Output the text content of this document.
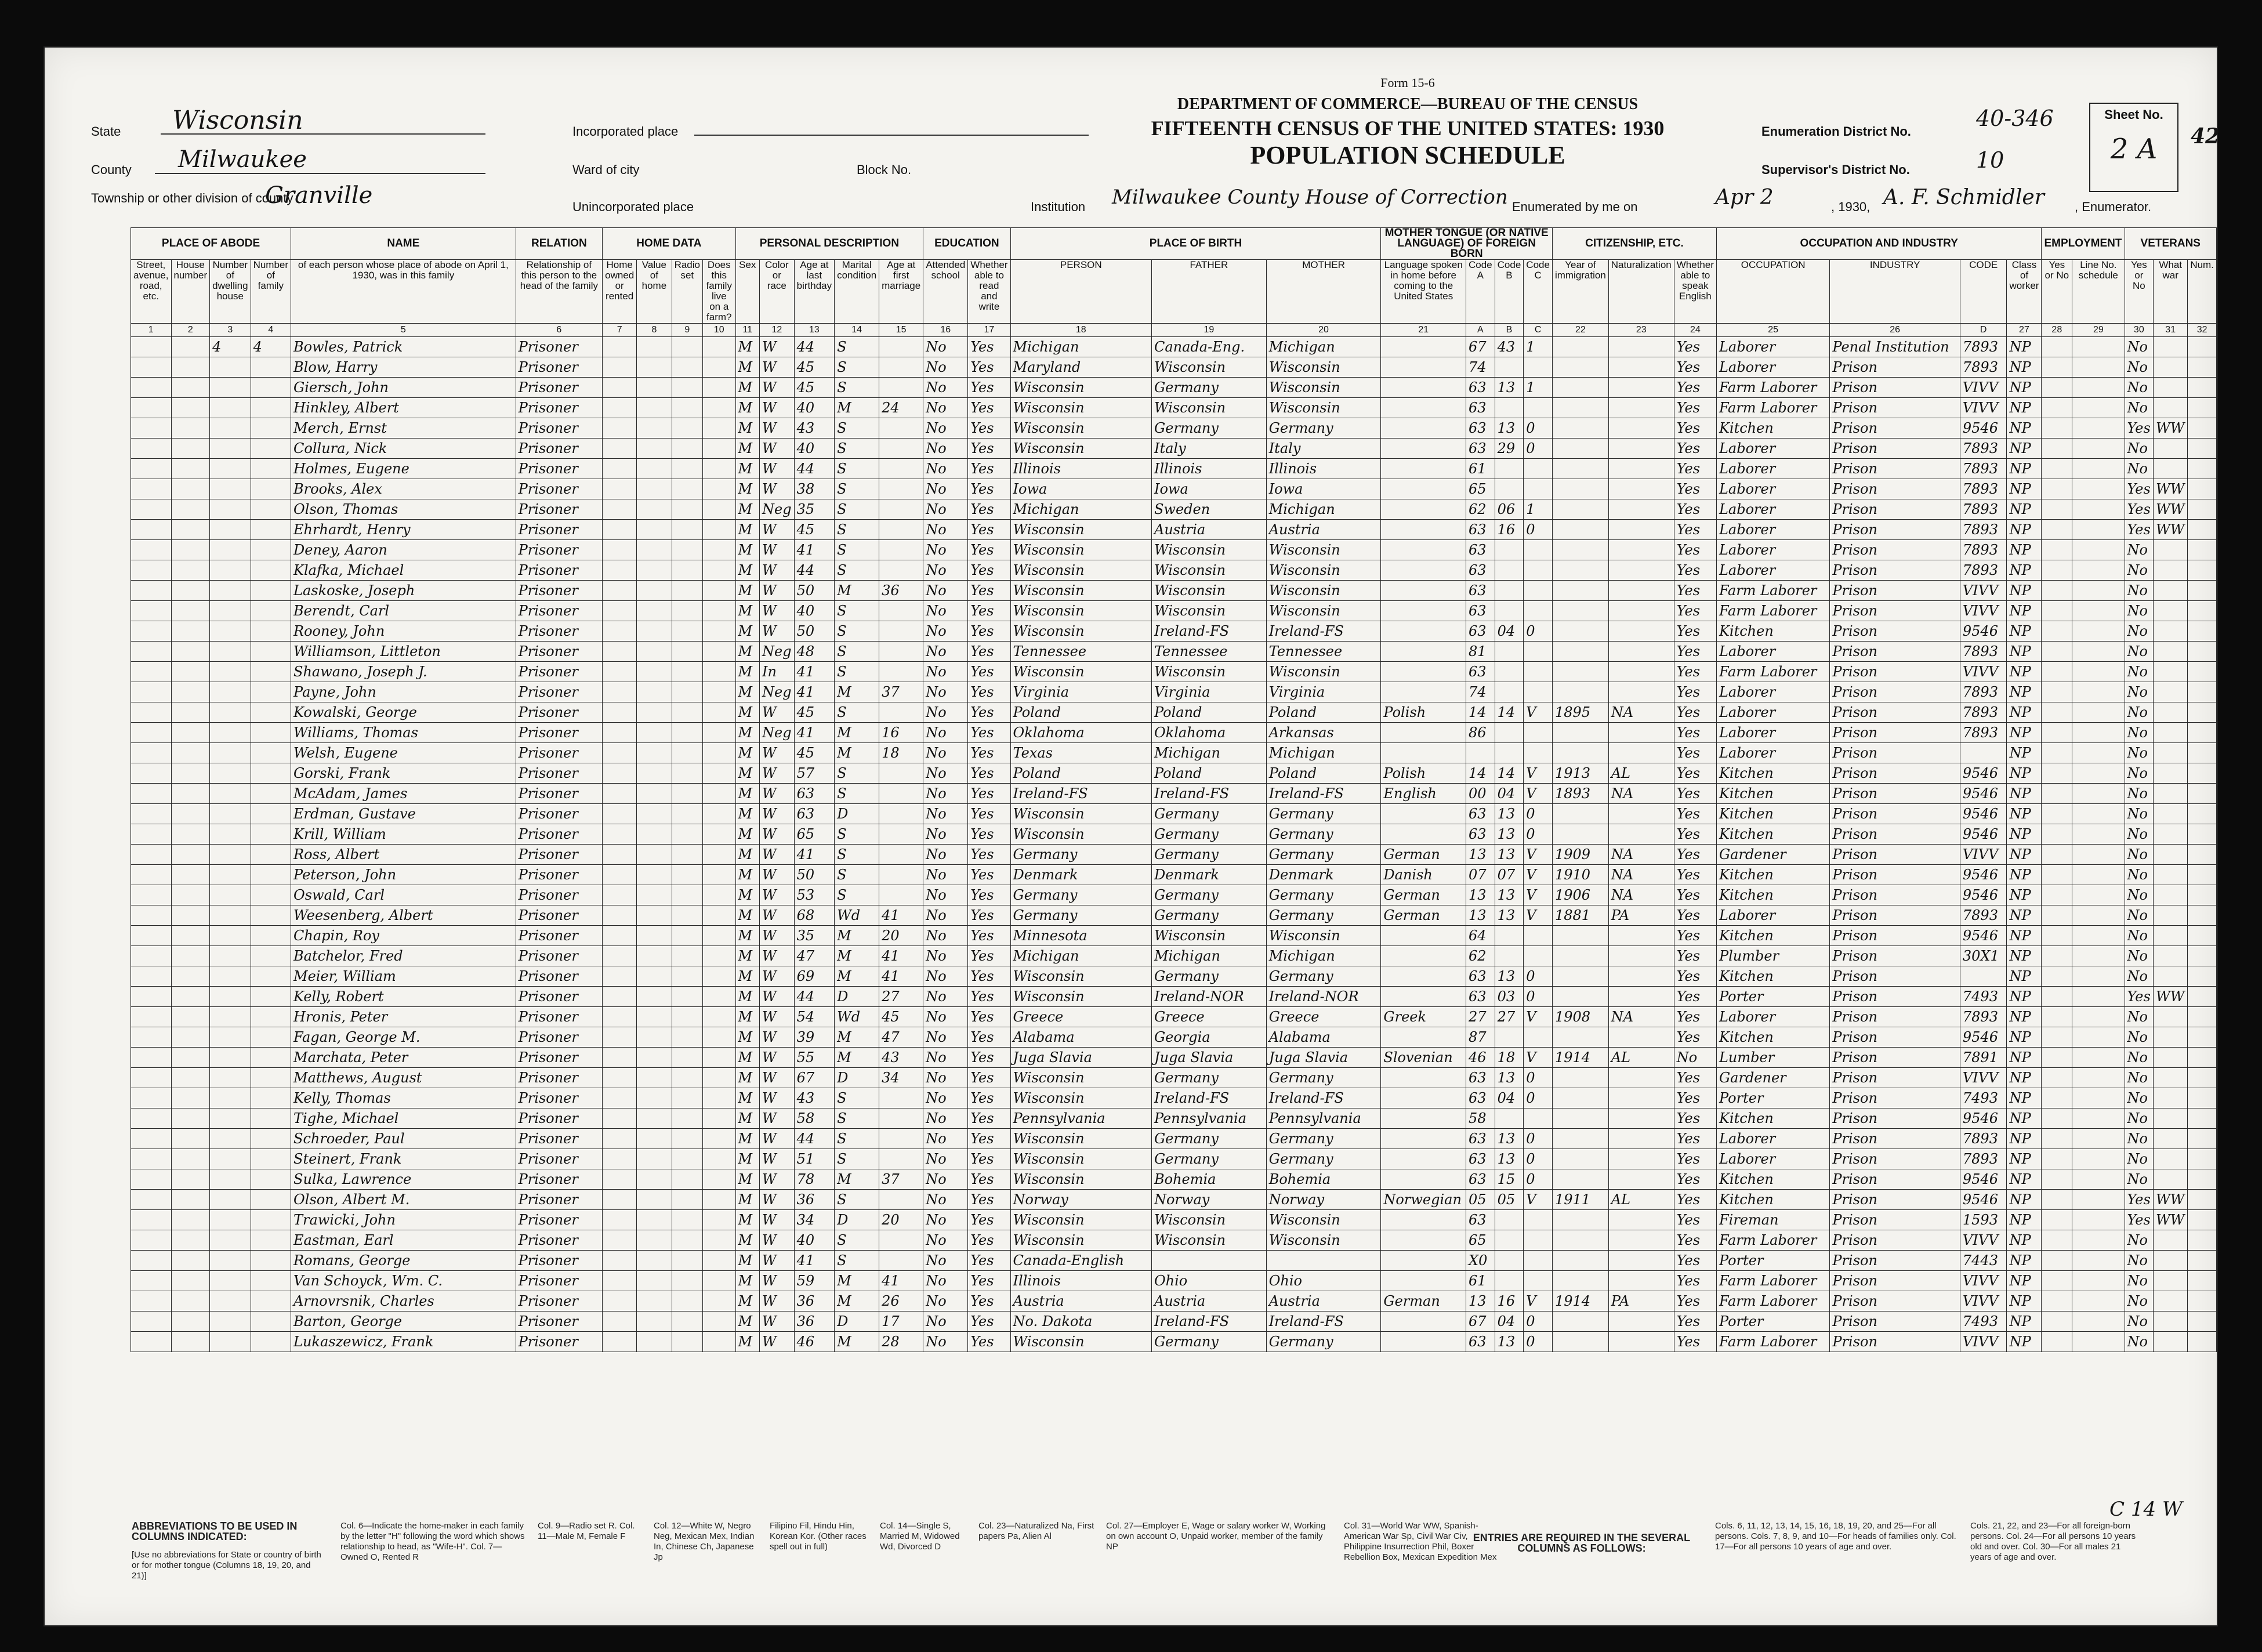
State Wisconsin
County Milwaukee
Township or other division of county
Granville
Incorporated place
Ward of city	Block No.
Unincorporated place
Form 15-6
DEPARTMENT OF COMMERCE—BUREAU OF THE CENSUS
FIFTEENTH CENSUS OF THE UNITED STATES: 1930
POPULATION SCHEDULE
Institution Milwaukee County House of Correction
Enumeration District No.
40-346
Supervisor's District No.	10
Enumerated by me on	Apr 2	, 1930, A. F. Schmidler , Enumerator.
Sheet No.
2 A	42
PLACE OF ABODE				NAME	RELATION	HOME DATA				PERSONAL DESCRIPTION					EDUCATION		PLACE OF BIRTH			MOTHER TONGUE (OR NATIVE LANGUAGE) OF FOREIGN BORN				CITIZENSHIP, ETC.			OCCUPATION AND INDUSTRY				EMPLOYMENT		VETERANS		
Street, avenue, road, etc.	House number	Number of dwelling house	Number of family	of each person whose place of abode on April 1, 1930, was in this family	Relationship of this person to the head of the family	Home owned or rented	Value of home	Radio set	Does this family live on a farm?	Sex	Color or race	Age at last birthday	Marital condition	Age at first marriage	Attended school	Whether able to read and write	PERSON	FATHER	MOTHER	Language spoken in home before coming to the United States	Code A	Code B	Code C	Year of immigration	Naturalization	Whether able to speak English	OCCUPATION	INDUSTRY	CODE	Class of worker	Yes or No	Line No. schedule	Yes or No	What war	Num.
1	2	3	4	5	6	7	8	9	10	11	12	13	14	15	16	17	18	19	20	21	A	B	C	22	23	24	25	26	D	27	28	29	30	31	32
		4	4	Bowles, Patrick	Prisoner					M	W	44	S		No	Yes	Michigan	Canada-Eng.	Michigan		67	43	1			Yes	Laborer	Penal Institution	7893	NP			No		
				Blow, Harry	Prisoner					M	W	45	S		No	Yes	Maryland	Wisconsin	Wisconsin		74					Yes	Laborer	Prison	7893	NP			No		
				Giersch, John	Prisoner					M	W	45	S		No	Yes	Wisconsin	Germany	Wisconsin		63	13	1			Yes	Farm Laborer	Prison	VIVV	NP			No		
				Hinkley, Albert	Prisoner					M	W	40	M	24	No	Yes	Wisconsin	Wisconsin	Wisconsin		63					Yes	Farm Laborer	Prison	VIVV	NP			No		
				Merch, Ernst	Prisoner					M	W	43	S		No	Yes	Wisconsin	Germany	Germany		63	13	0			Yes	Kitchen	Prison	9546	NP			Yes	WW	
				Collura, Nick	Prisoner					M	W	40	S		No	Yes	Wisconsin	Italy	Italy		63	29	0			Yes	Laborer	Prison	7893	NP			No		
				Holmes, Eugene	Prisoner					M	W	44	S		No	Yes	Illinois	Illinois	Illinois		61					Yes	Laborer	Prison	7893	NP			No		
				Brooks, Alex	Prisoner					M	W	38	S		No	Yes	Iowa	Iowa	Iowa		65					Yes	Laborer	Prison	7893	NP			Yes	WW	
				Olson, Thomas	Prisoner					M	Neg	35	S		No	Yes	Michigan	Sweden	Michigan		62	06	1			Yes	Laborer	Prison	7893	NP			Yes	WW	
				Ehrhardt, Henry	Prisoner					M	W	45	S		No	Yes	Wisconsin	Austria	Austria		63	16	0			Yes	Laborer	Prison	7893	NP			Yes	WW	
				Deney, Aaron	Prisoner					M	W	41	S		No	Yes	Wisconsin	Wisconsin	Wisconsin		63					Yes	Laborer	Prison	7893	NP			No		
				Klafka, Michael	Prisoner					M	W	44	S		No	Yes	Wisconsin	Wisconsin	Wisconsin		63					Yes	Laborer	Prison	7893	NP			No		
				Laskoske, Joseph	Prisoner					M	W	50	M	36	No	Yes	Wisconsin	Wisconsin	Wisconsin		63					Yes	Farm Laborer	Prison	VIVV	NP			No		
				Berendt, Carl	Prisoner					M	W	40	S		No	Yes	Wisconsin	Wisconsin	Wisconsin		63					Yes	Farm Laborer	Prison	VIVV	NP			No		
				Rooney, John	Prisoner					M	W	50	S		No	Yes	Wisconsin	Ireland-FS	Ireland-FS		63	04	0			Yes	Kitchen	Prison	9546	NP			No		
				Williamson, Littleton	Prisoner					M	Neg	48	S		No	Yes	Tennessee	Tennessee	Tennessee		81					Yes	Laborer	Prison	7893	NP			No		
				Shawano, Joseph J.	Prisoner					M	In	41	S		No	Yes	Wisconsin	Wisconsin	Wisconsin		63					Yes	Farm Laborer	Prison	VIVV	NP			No		
				Payne, John	Prisoner					M	Neg	41	M	37	No	Yes	Virginia	Virginia	Virginia		74					Yes	Laborer	Prison	7893	NP			No		
				Kowalski, George	Prisoner					M	W	45	S		No	Yes	Poland	Poland	Poland	Polish	14	14	V	1895	NA	Yes	Laborer	Prison	7893	NP			No		
				Williams, Thomas	Prisoner					M	Neg	41	M	16	No	Yes	Oklahoma	Oklahoma	Arkansas		86					Yes	Laborer	Prison	7893	NP			No		
				Welsh, Eugene	Prisoner					M	W	45	M	18	No	Yes	Texas	Michigan	Michigan							Yes	Laborer	Prison		NP			No		
				Gorski, Frank	Prisoner					M	W	57	S		No	Yes	Poland	Poland	Poland	Polish	14	14	V	1913	AL	Yes	Kitchen	Prison	9546	NP			No		
				McAdam, James	Prisoner					M	W	63	S		No	Yes	Ireland-FS	Ireland-FS	Ireland-FS	English	00	04	V	1893	NA	Yes	Kitchen	Prison	9546	NP			No		
				Erdman, Gustave	Prisoner					M	W	63	D		No	Yes	Wisconsin	Germany	Germany		63	13	0			Yes	Kitchen	Prison	9546	NP			No		
				Krill, William	Prisoner					M	W	65	S		No	Yes	Wisconsin	Germany	Germany		63	13	0			Yes	Kitchen	Prison	9546	NP			No		
				Ross, Albert	Prisoner					M	W	41	S		No	Yes	Germany	Germany	Germany	German	13	13	V	1909	NA	Yes	Gardener	Prison	VIVV	NP			No		
				Peterson, John	Prisoner					M	W	50	S		No	Yes	Denmark	Denmark	Denmark	Danish	07	07	V	1910	NA	Yes	Kitchen	Prison	9546	NP			No		
				Oswald, Carl	Prisoner					M	W	53	S		No	Yes	Germany	Germany	Germany	German	13	13	V	1906	NA	Yes	Kitchen	Prison	9546	NP			No		
				Weesenberg, Albert	Prisoner					M	W	68	Wd	41	No	Yes	Germany	Germany	Germany	German	13	13	V	1881	PA	Yes	Laborer	Prison	7893	NP			No		
				Chapin, Roy	Prisoner					M	W	35	M	20	No	Yes	Minnesota	Wisconsin	Wisconsin		64					Yes	Kitchen	Prison	9546	NP			No		
				Batchelor, Fred	Prisoner					M	W	47	M	41	No	Yes	Michigan	Michigan	Michigan		62					Yes	Plumber	Prison	30X1	NP			No		
				Meier, William	Prisoner					M	W	69	M	41	No	Yes	Wisconsin	Germany	Germany		63	13	0			Yes	Kitchen	Prison		NP			No		
				Kelly, Robert	Prisoner					M	W	44	D	27	No	Yes	Wisconsin	Ireland-NOR	Ireland-NOR		63	03	0			Yes	Porter	Prison	7493	NP			Yes	WW	
				Hronis, Peter	Prisoner					M	W	54	Wd	45	No	Yes	Greece	Greece	Greece	Greek	27	27	V	1908	NA	Yes	Laborer	Prison	7893	NP			No		
				Fagan, George M.	Prisoner					M	W	39	M	47	No	Yes	Alabama	Georgia	Alabama		87					Yes	Kitchen	Prison	9546	NP			No		
				Marchata, Peter	Prisoner					M	W	55	M	43	No	Yes	Juga Slavia	Juga Slavia	Juga Slavia	Slovenian	46	18	V	1914	AL	No	Lumber	Prison	7891	NP			No		
				Matthews, August	Prisoner					M	W	67	D	34	No	Yes	Wisconsin	Germany	Germany		63	13	0			Yes	Gardener	Prison	VIVV	NP			No		
				Kelly, Thomas	Prisoner					M	W	43	S		No	Yes	Wisconsin	Ireland-FS	Ireland-FS		63	04	0			Yes	Porter	Prison	7493	NP			No		
				Tighe, Michael	Prisoner					M	W	58	S		No	Yes	Pennsylvania	Pennsylvania	Pennsylvania		58					Yes	Kitchen	Prison	9546	NP			No		
				Schroeder, Paul	Prisoner					M	W	44	S		No	Yes	Wisconsin	Germany	Germany		63	13	0			Yes	Laborer	Prison	7893	NP			No		
				Steinert, Frank	Prisoner					M	W	51	S		No	Yes	Wisconsin	Germany	Germany		63	13	0			Yes	Laborer	Prison	7893	NP			No		
				Sulka, Lawrence	Prisoner					M	W	78	M	37	No	Yes	Wisconsin	Bohemia	Bohemia		63	15	0			Yes	Kitchen	Prison	9546	NP			No		
				Olson, Albert M.	Prisoner					M	W	36	S		No	Yes	Norway	Norway	Norway	Norwegian	05	05	V	1911	AL	Yes	Kitchen	Prison	9546	NP			Yes	WW	
				Trawicki, John	Prisoner					M	W	34	D	20	No	Yes	Wisconsin	Wisconsin	Wisconsin		63					Yes	Fireman	Prison	1593	NP			Yes	WW	
				Eastman, Earl	Prisoner					M	W	40	S		No	Yes	Wisconsin	Wisconsin	Wisconsin		65					Yes	Farm Laborer	Prison	VIVV	NP			No		
				Romans, George	Prisoner					M	W	41	S		No	Yes	Canada-English				X0					Yes	Porter	Prison	7443	NP			No		
				Van Schoyck, Wm. C.	Prisoner					M	W	59	M	41	No	Yes	Illinois	Ohio	Ohio		61					Yes	Farm Laborer	Prison	VIVV	NP			No		
				Arnovrsnik, Charles	Prisoner					M	W	36	M	26	No	Yes	Austria	Austria	Austria	German	13	16	V	1914	PA	Yes	Farm Laborer	Prison	VIVV	NP			No		
				Barton, George	Prisoner					M	W	36	D	17	No	Yes	No. Dakota	Ireland-FS	Ireland-FS		67	04	0			Yes	Porter	Prison	7493	NP			No		
				Lukaszewicz, Frank	Prisoner					M	W	46	M	28	No	Yes	Wisconsin	Germany	Germany		63	13	0			Yes	Farm Laborer	Prison	VIVV	NP			No		
ABBREVIATIONS TO BE USED IN COLUMNS INDICATED:
[Use no abbreviations for State or country of birth or for mother tongue (Columns 18, 19, 20, and 21)]
Col. 6—Indicate the home-maker in each family by the letter "H" following the word which shows relationship to head, as "Wife-H". Col. 7—Owned O, Rented R
Col. 9—Radio set R. Col. 11—Male M, Female F
Col. 12—White W, Negro Neg, Mexican Mex, Indian In, Chinese Ch, Japanese Jp
Filipino Fil, Hindu Hin, Korean Kor. (Other races spell out in full)
Col. 14—Single S, Married M, Widowed Wd, Divorced D
Col. 23—Naturalized Na, First papers Pa, Alien Al
Col. 27—Employer E, Wage or salary worker W, Working on own account O, Unpaid worker, member of the family NP
Col. 31—World War WW, Spanish-American War Sp, Civil War Civ, Philippine Insurrection Phil, Boxer Rebellion Box, Mexican Expedition Mex
ENTRIES ARE REQUIRED IN THE SEVERAL COLUMNS AS FOLLOWS:
Cols. 6, 11, 12, 13, 14, 15, 16, 18, 19, 20, and 25—For all persons. Cols. 7, 8, 9, and 10—For heads of families only. Col. 17—For all persons 10 years of age and over.
Cols. 21, 22, and 23—For all foreign-born persons. Col. 24—For all persons 10 years old and over. Col. 30—For all males 21 years of age and over.
C 14 W
